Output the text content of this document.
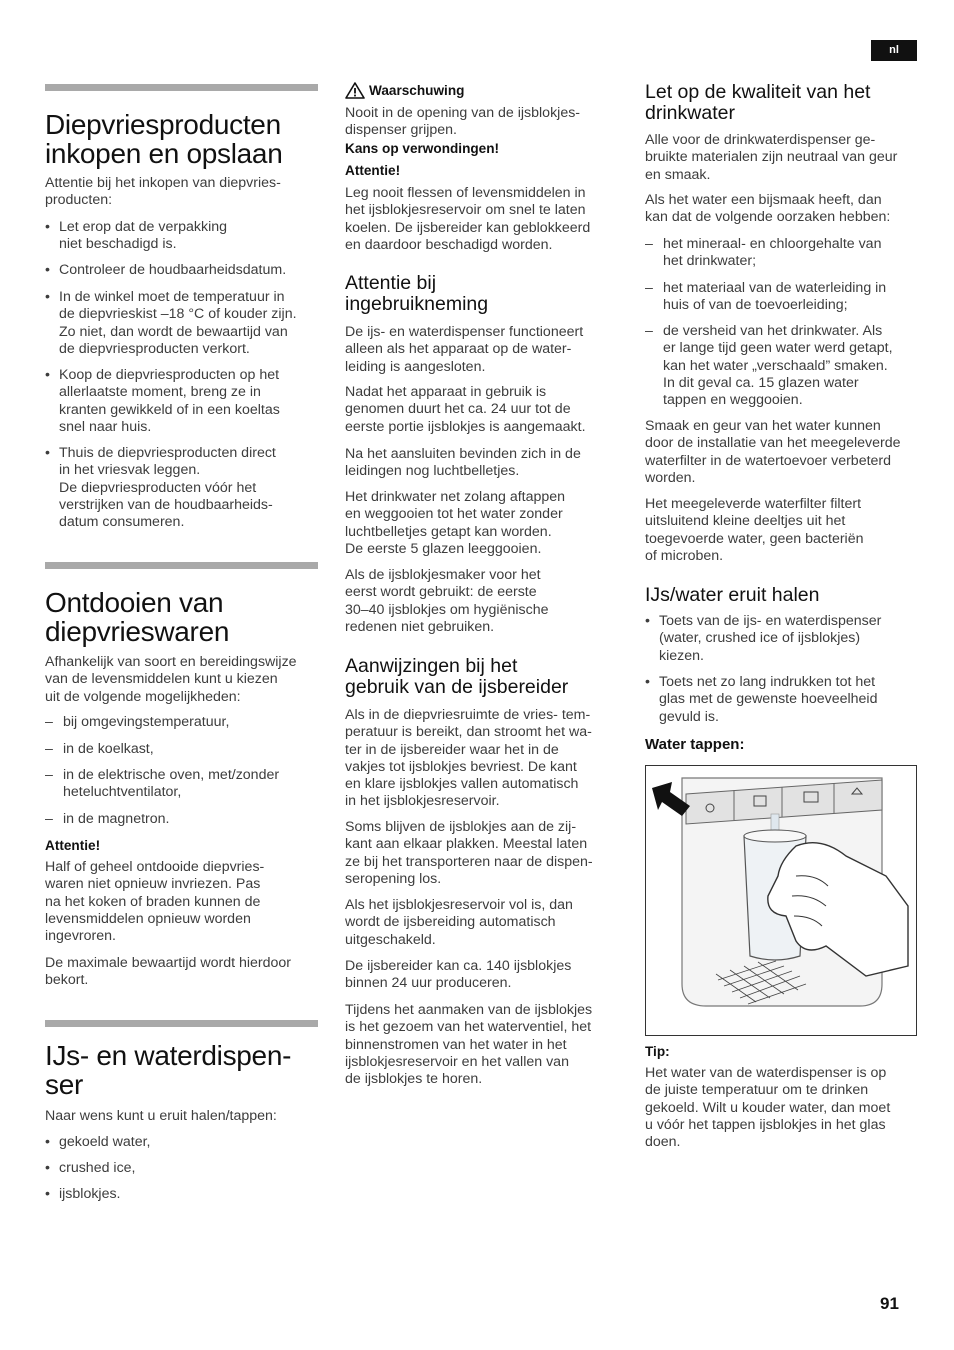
nl
Diepvriesproducten
inkopen en opslaan
Attentie bij het inkopen van diepvries-
producten:
• Let erop dat de verpakking
niet beschadigd is.
• Controleer de houdbaarheidsdatum.
• In de winkel moet de temperatuur in
de diepvrieskist –18 °C of kouder zijn.
Zo niet, dan wordt de bewaartijd van
de diepvriesproducten verkort.
• Koop de diepvriesproducten op het
allerlaatste moment, breng ze in
kranten gewikkeld of in een koeltas
snel naar huis.
• Thuis de diepvriesproducten direct
in het vriesvak leggen.
De diepvriesproducten vóór het
verstrijken van de houdbaarheids-
datum consumeren.
Ontdooien van
diepvrieswaren
Afhankelijk van soort en bereidingswijze
van de levensmiddelen kunt u kiezen
uit de volgende mogelijkheden:
– bij omgevingstemperatuur,
– in de koelkast,
– in de elektrische oven, met/zonder
heteluchtventilator,
– in de magnetron.
Attentie!
Half of geheel ontdooide diepvries-
waren niet opnieuw invriezen. Pas
na het koken of braden kunnen de
levensmiddelen opnieuw worden
ingevroren.
De maximale bewaartijd wordt hierdoor
bekort.
IJs- en waterdispen-
ser
Naar wens kunt u eruit halen/tappen:
• gekoeld water,
• crushed ice,
• ijsblokjes.
Waarschuwing
Nooit in de opening van de ijsblokjes-
dispenser grijpen.
Kans op verwondingen!
Attentie!
Leg nooit flessen of levensmiddelen in
het ijsblokjesreservoir om snel te laten
koelen. De ijsbereider kan geblokkeerd
en daardoor beschadigd worden.
Attentie bij
ingebruikneming
De ijs- en waterdispenser functioneert
alleen als het apparaat op de water-
leiding is aangesloten.
Nadat het apparaat in gebruik is
genomen duurt het ca. 24 uur tot de
eerste portie ijsblokjes is aangemaakt.
Na het aansluiten bevinden zich in de
leidingen nog luchtbelletjes.
Het drinkwater net zolang aftappen
en weggooien tot het water zonder
luchtbelletjes getapt kan worden.
De eerste 5 glazen leeggooien.
Als de ijsblokjesmaker voor het
eerst wordt gebruikt: de eerste
30–40 ijsblokjes om hygiënische
redenen niet gebruiken.
Aanwijzingen bij het
gebruik van de ijsbereider
Als in de diepvriesruimte de vries- tem-
peratuur is bereikt, dan stroomt het wa-
ter in de ijsbereider waar het in de
vakjes tot ijsblokjes bevriest. De kant
en klare ijsblokjes vallen automatisch
in het ijsblokjesreservoir.
Soms blijven de ijsblokjes aan de zij-
kant aan elkaar plakken. Meestal laten
ze bij het transporteren naar de dispen-
seropening los.
Als het ijsblokjesreservoir vol is, dan
wordt de ijsbereiding automatisch
uitgeschakeld.
De ijsbereider kan ca. 140 ijsblokjes
binnen 24 uur produceren.
Tijdens het aanmaken van de ijsblokjes
is het gezoem van het waterventiel, het
binnenstromen van het water in het
ijsblokjesreservoir en het vallen van
de ijsblokjes te horen.
Let op de kwaliteit van het
drinkwater
Alle voor de drinkwaterdispenser ge-
bruikte materialen zijn neutraal van geur
en smaak.
Als het water een bijsmaak heeft, dan
kan dat de volgende oorzaken hebben:
– het mineraal- en chloorgehalte van
het drinkwater;
– het materiaal van de waterleiding in
huis of van de toevoerleiding;
– de versheid van het drinkwater. Als
er lange tijd geen water werd getapt,
kan het water „verschaald” smaken.
In dit geval ca. 15 glazen water
tappen en weggooien.
Smaak en geur van het water kunnen
door de installatie van het meegeleverde
waterfilter in de watertoevoer verbeterd
worden.
Het meegeleverde waterfilter filtert
uitsluitend kleine deeltjes uit het
toegevoerde water, geen bacteriën
of microben.
IJs/water eruit halen
• Toets van de ijs- en waterdispenser
(water, crushed ice of ijsblokjes)
kiezen.
• Toets net zo lang indrukken tot het
glas met de gewenste hoeveelheid
gevuld is.
Water tappen:
Tip:
Het water van de waterdispenser is op
de juiste temperatuur om te drinken
gekoeld. Wilt u kouder water, dan moet
u vóór het tappen ijsblokjes in het glas
doen.
91
